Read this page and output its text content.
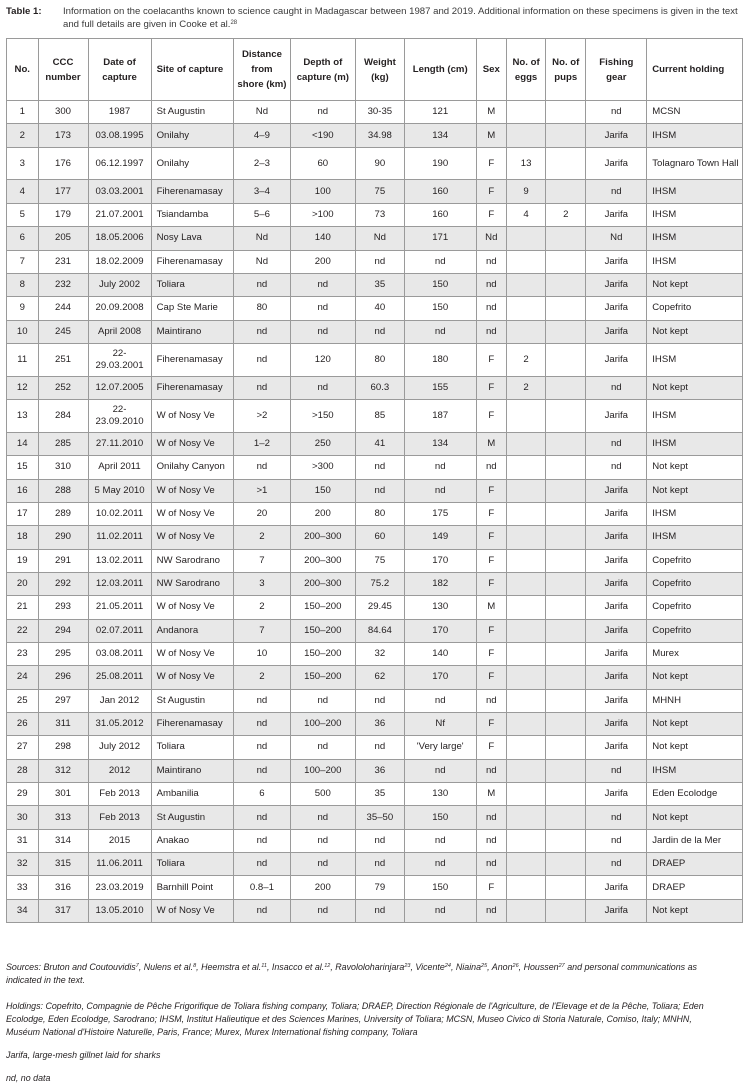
Table 1:	Information on the coelacanths known to science caught in Madagascar between 1987 and 2019. Additional information on these specimens is given in the text and full details are given in Cooke et al.$^{28}$
No.	CCC number	Date of capture	Site of capture	Distance from shore (km)	Depth of capture (m)	Weight (kg)	Length (cm)	Sex	No. of eggs	No. of pups	Fishing gear	Current holding
1	300	1987	St Augustin	Nd	nd	30-35	121	M			nd	MCSN
2	173	03.08.1995	Onilahy	4–9	<190	34.98	134	M			Jarifa	IHSM
3	176	06.12.1997	Onilahy	2–3	60	90	190	F	13		Jarifa	Tolagnaro Town Hall
4	177	03.03.2001	Fiherenamasay	3–4	100	75	160	F	9		nd	IHSM
5	179	21.07.2001	Tsiandamba	5–6	>100	73	160	F	4	2	Jarifa	IHSM
6	205	18.05.2006	Nosy Lava	Nd	140	Nd	171	Nd			Nd	IHSM
7	231	18.02.2009	Fiherenamasay	Nd	200	nd	nd	nd			Jarifa	IHSM
8	232	July 2002	Toliara	nd	nd	35	150	nd			Jarifa	Not kept
9	244	20.09.2008	Cap Ste Marie	80	nd	40	150	nd			Jarifa	Copefrito
10	245	April 2008	Maintirano	nd	nd	nd	nd	nd			Jarifa	Not kept
11	251	22-29.03.2001	Fiherenamasay	nd	120	80	180	F	2		Jarifa	IHSM
12	252	12.07.2005	Fiherenamasay	nd	nd	60.3	155	F	2		nd	Not kept
13	284	22-23.09.2010	W of Nosy Ve	>2	>150	85	187	F			Jarifa	IHSM
14	285	27.11.2010	W of Nosy Ve	1–2	250	41	134	M			nd	IHSM
15	310	April 2011	Onilahy Canyon	nd	>300	nd	nd	nd			nd	Not kept
16	288	5 May 2010	W of Nosy Ve	>1	150	nd	nd	F			Jarifa	Not kept
17	289	10.02.2011	W of Nosy Ve	20	200	80	175	F			Jarifa	IHSM
18	290	11.02.2011	W of Nosy Ve	2	200–300	60	149	F			Jarifa	IHSM
19	291	13.02.2011	NW Sarodrano	7	200–300	75	170	F			Jarifa	Copefrito
20	292	12.03.2011	NW Sarodrano	3	200–300	75.2	182	F			Jarifa	Copefrito
21	293	21.05.2011	W of Nosy Ve	2	150–200	29.45	130	M			Jarifa	Copefrito
22	294	02.07.2011	Andanora	7	150–200	84.64	170	F			Jarifa	Copefrito
23	295	03.08.2011	W of Nosy Ve	10	150–200	32	140	F			Jarifa	Murex
24	296	25.08.2011	W of Nosy Ve	2	150–200	62	170	F			Jarifa	Not kept
25	297	Jan 2012	St Augustin	nd	nd	nd	nd	nd			Jarifa	MHNH
26	311	31.05.2012	Fiherenamasay	nd	100–200	36	Nf	F			Jarifa	Not kept
27	298	July 2012	Toliara	nd	nd	nd	'Very large'	F			Jarifa	Not kept
28	312	2012	Maintirano	nd	100–200	36	nd	nd			nd	IHSM
29	301	Feb 2013	Ambanilia	6	500	35	130	M			Jarifa	Eden Ecolodge
30	313	Feb 2013	St Augustin	nd	nd	35–50	150	nd			nd	Not kept
31	314	2015	Anakao	nd	nd	nd	nd	nd			nd	Jardin de la Mer
32	315	11.06.2011	Toliara	nd	nd	nd	nd	nd			nd	DRAEP
33	316	23.03.2019	Barnhill Point	0.8–1	200	79	150	F			Jarifa	DRAEP
34	317	13.05.2010	W of Nosy Ve	nd	nd	nd	nd	nd			Jarifa	Not kept
Sources: Bruton and Coutouvidis$^7$, Nulens et al.$^8$, Heemstra et al.$^{11}$, Insacco et al.$^{12}$, Ravololoharinjara$^{23}$, Vicente$^{24}$, Niaina$^{25}$, Anon$^{26}$, Houssen$^{27}$ and personal communications as indicated in the text.
Holdings: Copefrito, Compagnie de Pêche Frigorifique de Toliara fishing company, Toliara; DRAEP, Direction Régionale de l'Agriculture, de l'Elevage et de la Pêche, Toliara; Eden Ecolodge, Eden Ecolodge, Sarodrano; IHSM, Institut Halieutique et des Sciences Marines, University of Toliara; MCSN, Museo Civico di Storia Naturale, Comiso, Italy; MNHN, Muséum National d'Histoire Naturelle, Paris, France; Murex, Murex International fishing company, Toliara
Jarifa, large-mesh gillnet laid for sharks
nd, no data
